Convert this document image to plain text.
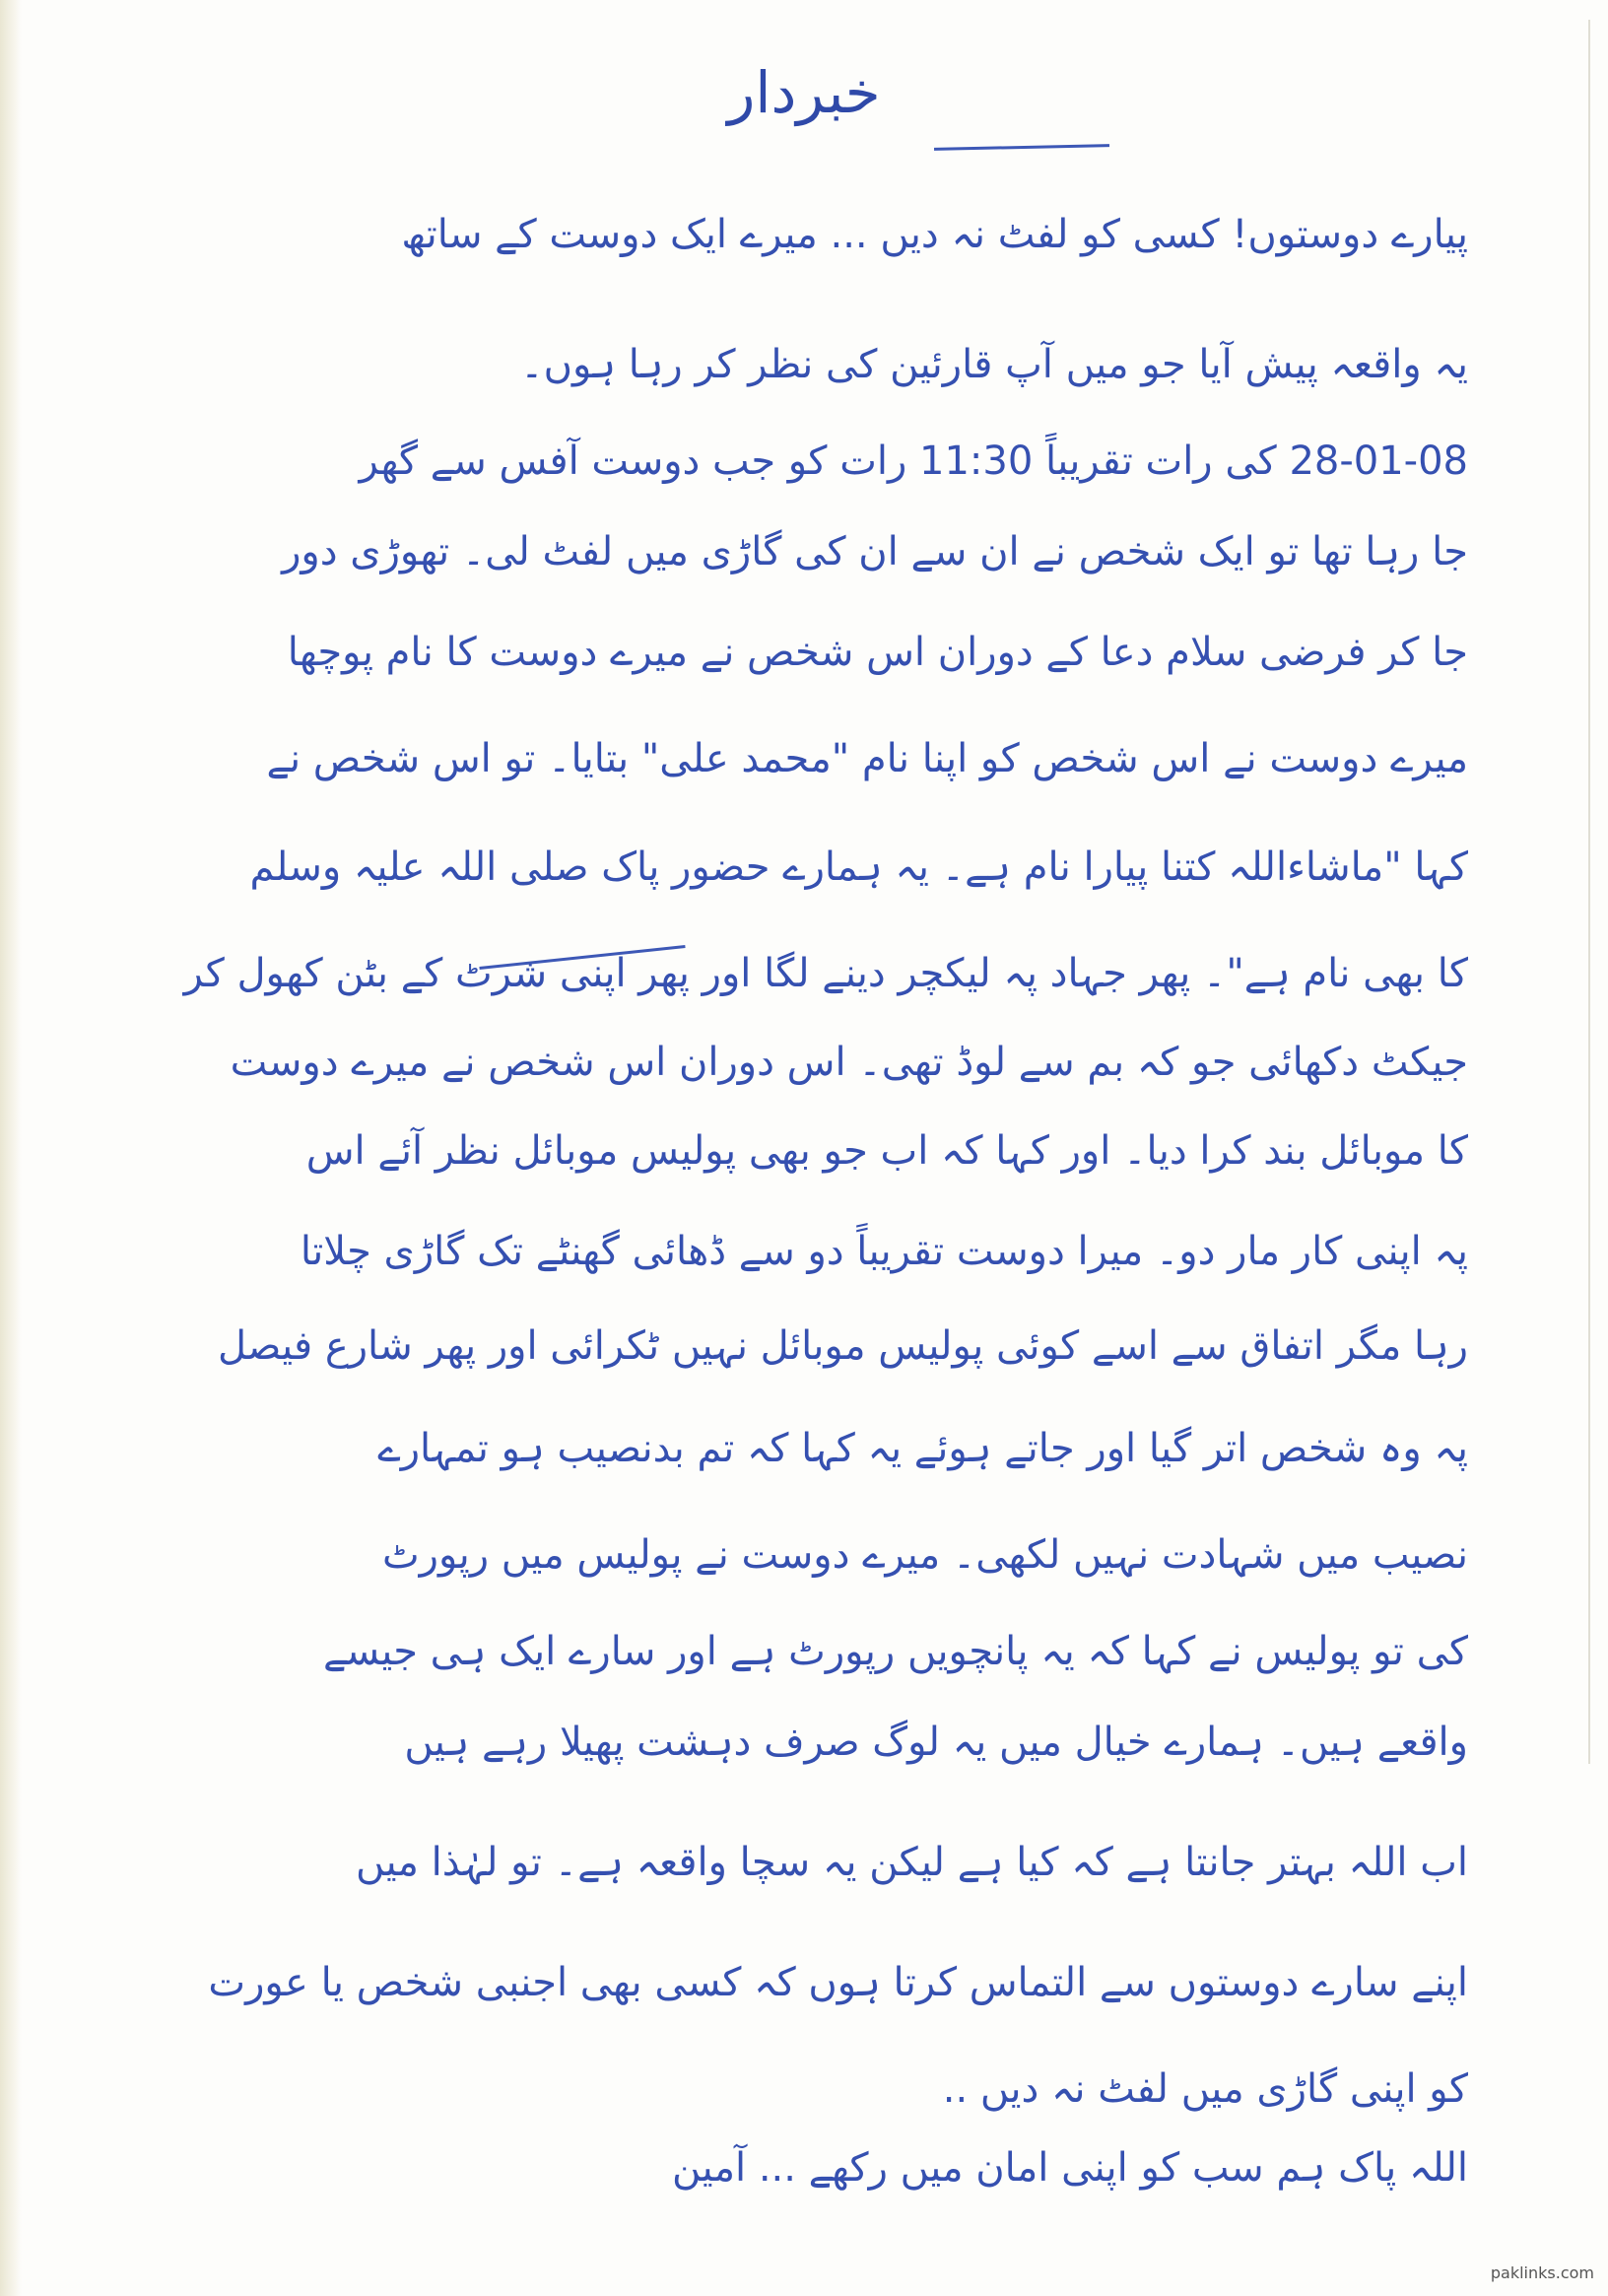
خبردار
پیارے دوستوں! کسی کو لفٹ نہ دیں ... میرے ایک دوست کے ساتھ
یہ واقعہ پیش آیا جو میں آپ قارئین کی نظر کر رہا ہوں۔
28-01-08 کی رات تقریباً 11:30 رات کو جب دوست آفس سے گھر
جا رہا تھا تو ایک شخص نے ان سے ان کی گاڑی میں لفٹ لی۔ تھوڑی دور
جا کر فرضی سلام دعا کے دوران اس شخص نے میرے دوست کا نام پوچھا
میرے دوست نے اس شخص کو اپنا نام "محمد علی" بتایا۔ تو اس شخص نے
کہا "ماشاءاللہ کتنا پیارا نام ہے۔ یہ ہمارے حضور پاک صلی اللہ علیہ وسلم
کا بھی نام ہے"۔ پھر جہاد پہ لیکچر دینے لگا اور پھر اپنی شرٹ کے بٹن کھول کر
جیکٹ دکھائی جو کہ بم سے لوڈ تھی۔ اس دوران اس شخص نے میرے دوست
کا موبائل بند کرا دیا۔ اور کہا کہ اب جو بھی پولیس موبائل نظر آئے اس
پہ اپنی کار مار دو۔ میرا دوست تقریباً دو سے ڈھائی گھنٹے تک گاڑی چلاتا
رہا مگر اتفاق سے اسے کوئی پولیس موبائل نہیں ٹکرائی اور پھر شارع فیصل
پہ وہ شخص اتر گیا اور جاتے ہوئے یہ کہا کہ تم بدنصیب ہو تمہارے
نصیب میں شہادت نہیں لکھی۔ میرے دوست نے پولیس میں رپورٹ
کی تو پولیس نے کہا کہ یہ پانچویں رپورٹ ہے اور سارے ایک ہی جیسے
واقعے ہیں۔ ہمارے خیال میں یہ لوگ صرف دہشت پھیلا رہے ہیں
اب اللہ بہتر جانتا ہے کہ کیا ہے لیکن یہ سچا واقعہ ہے۔ تو لہٰذا میں
اپنے سارے دوستوں سے التماس کرتا ہوں کہ کسی بھی اجنبی شخص یا عورت
کو اپنی گاڑی میں لفٹ نہ دیں ..
اللہ پاک ہم سب کو اپنی امان میں رکھے ... آمین
paklinks.com
